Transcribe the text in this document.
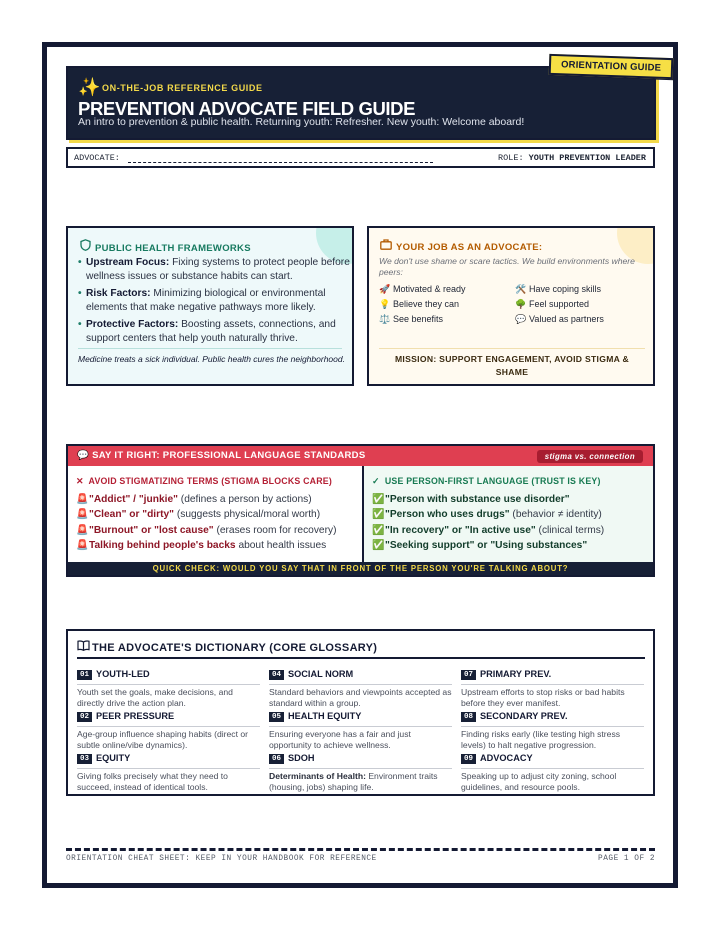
ORIENTATION GUIDE
✨ ON-THE-JOB REFERENCE GUIDE
PREVENTION ADVOCATE FIELD GUIDE
An intro to prevention & public health. Returning youth: Refresher. New youth: Welcome aboard!
ADVOCATE:	ROLE: YOUTH PREVENTION LEADER
PUBLIC HEALTH FRAMEWORKS
• Upstream Focus: Fixing systems to protect people before wellness issues or substance habits can start.
• Risk Factors: Minimizing biological or environmental elements that make negative pathways more likely.
• Protective Factors: Boosting assets, connections, and support centers that help youth naturally thrive.
Medicine treats a sick individual. Public health cures the neighborhood.
YOUR JOB AS AN ADVOCATE:
We don't use shame or scare tactics. We build environments where peers:
🚀 Motivated & ready	🛠️ Have coping skills
💡 Believe they can	🌳 Feel supported
⚖️ See benefits	💬 Valued as partners
MISSION: SUPPORT ENGAGEMENT, AVOID STIGMA & SHAME
💬 SAY IT RIGHT: PROFESSIONAL LANGUAGE STANDARDS	stigma vs. connection
✕ AVOID STIGMATIZING TERMS (STIGMA BLOCKS CARE)
🚨"Addict" / "junkie" (defines a person by actions)
🚨"Clean" or "dirty" (suggests physical/moral worth)
🚨"Burnout" or "lost cause" (erases room for recovery)
🚨Talking behind people's backs about health issues
✓ USE PERSON-FIRST LANGUAGE (TRUST IS KEY)
✅"Person with substance use disorder"
✅"Person who uses drugs" (behavior ≠ identity)
✅"In recovery" or "In active use" (clinical terms)
✅"Seeking support" or "Using substances"
QUICK CHECK: WOULD YOU SAY THAT IN FRONT OF THE PERSON YOU'RE TALKING ABOUT?
THE ADVOCATE'S DICTIONARY (CORE GLOSSARY)
01 YOUTH-LED
Youth set the goals, make decisions, and directly drive the action plan.
02 PEER PRESSURE
Age-group influence shaping habits (direct or subtle online/vibe dynamics).
03 EQUITY
Giving folks precisely what they need to succeed, instead of identical tools.
04 SOCIAL NORM
Standard behaviors and viewpoints accepted as standard within a group.
05 HEALTH EQUITY
Ensuring everyone has a fair and just opportunity to achieve wellness.
06 SDOH
Determinants of Health: Environment traits (housing, jobs) shaping life.
07 PRIMARY PREV.
Upstream efforts to stop risks or bad habits before they ever manifest.
08 SECONDARY PREV.
Finding risks early (like testing high stress levels) to halt negative progression.
09 ADVOCACY
Speaking up to adjust city zoning, school guidelines, and resource pools.
ORIENTATION CHEAT SHEET: KEEP IN YOUR HANDBOOK FOR REFERENCE	PAGE 1 OF 2
